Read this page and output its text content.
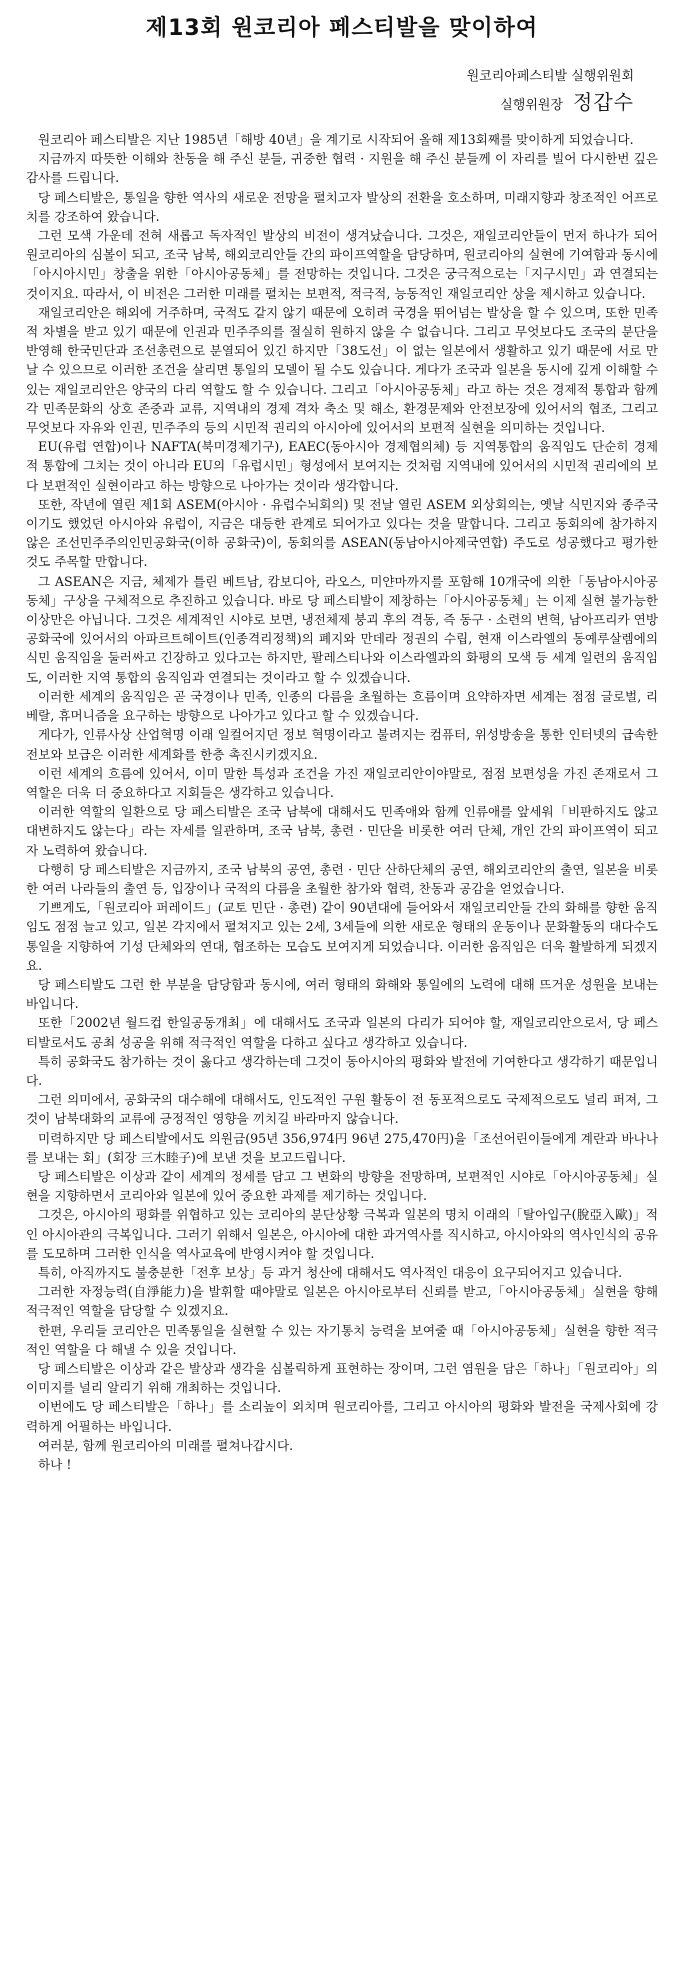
제13회 원코리아 페스티발을 맞이하여
원코리아페스티발 실행위원회
실행위원장 정갑수

원코리아 페스티발은 지난 1985년「해방 40년」을 계기로 시작되어 올해 제13회째를 맞이하게 되었습니다.

지금까지 따뜻한 이해와 찬동을 해 주신 분들, 귀중한 협력 · 지원을 해 주신 분들께 이 자리를 빌어 다시한번 깊은 감사를 드립니다.

당 페스티발은, 통일을 향한 역사의 새로운 전망을 펼치고자 발상의 전환을 호소하며, 미래지향과 창조적인 어프로치를 강조하여 왔습니다.

그런 모색 가운데 전혀 새롭고 독자적인 발상의 비전이 생겨났습니다. 그것은, 재일코리안들이 먼저 하나가 되어 원코리아의 심볼이 되고, 조국 남북, 해외코리안들 간의 파이프역할을 담당하며, 원코리아의 실현에 기여함과 동시에「아시아시민」창출을 위한「아시아공동체」를 전망하는 것입니다. 그것은 궁극적으로는「지구시민」과 연결되는 것이지요. 따라서, 이 비전은 그러한 미래를 펼치는 보편적, 적극적, 능동적인 재일코리안 상을 제시하고 있습니다.

재일코리안은 해외에 거주하며, 국적도 같지 않기 때문에 오히려 국경을 뛰어넘는 발상을 할 수 있으며, 또한 민족적 차별을 받고 있기 때문에 인권과 민주주의를 절실히 원하지 않을 수 없습니다. 그리고 무엇보다도 조국의 분단을 반영해 한국민단과 조선총련으로 분열되어 있긴 하지만「38도선」이 없는 일본에서 생활하고 있기 때문에 서로 만날 수 있으므로 이러한 조건을 살리면 통일의 모델이 될 수도 있습니다. 게다가 조국과 일본을 동시에 깊게 이해할 수 있는 재일코리안은 양국의 다리 역할도 할 수 있습니다. 그리고「아시아공동체」라고 하는 것은 경제적 통합과 함께 각 민족문화의 상호 존중과 교류, 지역내의 경제 격차 축소 및 해소, 환경문제와 안전보장에 있어서의 협조, 그리고 무엇보다 자유와 인권, 민주주의 등의 시민적 권리의 아시아에 있어서의 보편적 실현을 의미하는 것입니다.

EU(유럽 연합)이나 NAFTA(북미경제기구), EAEC(동아시아 경제협의체) 등 지역통합의 움직임도 단순히 경제적 통합에 그치는 것이 아니라 EU의「유럽시민」형성에서 보여지는 것처럼 지역내에 있어서의 시민적 권리에의 보다 보편적인 실현이라고 하는 방향으로 나아가는 것이라 생각합니다.

또한, 작년에 열린 제1회 ASEM(아시아 · 유럽수뇌회의) 및 전날 열린 ASEM 외상회의는, 옛날 식민지와 종주국이기도 했었던 아시아와 유럽이, 지금은 대등한 관계로 되어가고 있다는 것을 말합니다. 그리고 동회의에 참가하지 않은 조선민주주의인민공화국(이하 공화국)이, 동회의를 ASEAN(동남아시아제국연합) 주도로 성공했다고 평가한 것도 주목할 만합니다.

그 ASEAN은 지금, 체제가 틀린 베트남, 캄보디아, 라오스, 미얀마까지를 포함해 10개국에 의한「동남아시아공동체」구상을 구체적으로 추진하고 있습니다. 바로 당 페스티발이 제창하는「아시아공동체」는 이제 실현 불가능한 이상만은 아닙니다. 그것은 세계적인 시야로 보면, 냉전체제 붕괴 후의 격동, 즉 동구 · 소련의 변혁, 남아프리카 연방공화국에 있어서의 아파르트헤이트(인종격리정책)의 폐지와 만데라 정권의 수립, 현재 이스라엘의 동예루살렘에의 식민 움직임을 둘러싸고 긴장하고 있다고는 하지만, 팔레스티나와 이스라엘과의 화평의 모색 등 세계 일련의 움직임도, 이러한 지역 통합의 움직임과 연결되는 것이라고 할 수 있겠습니다.

이러한 세계의 움직임은 곧 국경이나 민족, 인종의 다름을 초월하는 흐름이며 요약하자면 세계는 점점 글로벌, 리베랄, 휴머니즘을 요구하는 방향으로 나아가고 있다고 할 수 있겠습니다.

게다가, 인류사상 산업혁명 이래 일컬어지던 정보 혁명이라고 불려지는 컴퓨터, 위성방송을 통한 인터넷의 급속한 전보와 보급은 이러한 세계화를 한층 촉진시키겠지요.

이런 세계의 흐름에 있어서, 이미 말한 특성과 조건을 가진 재일코리안이야말로, 점점 보편성을 가진 존재로서 그 역할은 더욱 더 중요하다고 지회들은 생각하고 있습니다.

이러한 역할의 일환으로 당 페스티발은 조국 남북에 대해서도 민족애와 함께 인류애를 앞세워「비판하지도 않고 대변하지도 않는다」라는 자세를 일관하며, 조국 남북, 총련 · 민단을 비롯한 여러 단체, 개인 간의 파이프역이 되고자 노력하여 왔습니다.

다행히 당 페스티발은 지금까지, 조국 남북의 공연, 총련 · 민단 산하단체의 공연, 해외코리안의 출연, 일본을 비롯한 여러 나라들의 출연 등, 입장이나 국적의 다름을 초월한 참가와 협력, 찬동과 공감을 얻었습니다.

기쁘게도,「원코리아 퍼레이드」(교토 민단 · 총련) 같이 90년대에 들어와서 재일코리안들 간의 화해를 향한 움직임도 점점 늘고 있고, 일본 각지에서 펼쳐지고 있는 2세, 3세들에 의한 새로운 형태의 운동이나 문화활동의 대다수도 통일을 지향하여 기성 단체와의 연대, 협조하는 모습도 보여지게 되었습니다. 이러한 움직임은 더욱 활발하게 되겠지요.

당 페스티발도 그런 한 부분을 담당함과 동시에, 여러 형태의 화해와 통일에의 노력에 대해 뜨거운 성원을 보내는 바입니다.

또한「2002년 월드컵 한일공동개최」에 대해서도 조국과 일본의 다리가 되어야 할, 재일코리안으로서, 당 페스티발로서도 공최 성공을 위해 적극적인 역할을 다하고 싶다고 생각하고 있습니다.

특히 공화국도 참가하는 것이 옳다고 생각하는데 그것이 동아시아의 평화와 발전에 기여한다고 생각하기 때문입니다.

그런 의미에서, 공화국의 대수해에 대해서도, 인도적인 구원 활동이 전 동포적으로도 국제적으로도 널리 퍼져, 그것이 남북대화의 교류에 긍정적인 영향을 끼치길 바라마지 않습니다.

미력하지만 당 페스티발에서도 의원금(95년 356,974円 96년 275,470円)을「조선어린이들에게 계란과 바나나를 보내는 회」(회장 三木睦子)에 보낸 것을 보고드립니다.

당 페스티발은 이상과 같이 세계의 정세를 담고 그 변화의 방향을 전망하며, 보편적인 시야로「아시아공동체」실현을 지향하면서 코리아와 일본에 있어 중요한 과제를 제기하는 것입니다.

그것은, 아시아의 평화를 위협하고 있는 코리아의 분단상황 극복과 일본의 명치 이래의「탈아입구(脫亞入歐)」적인 아시아관의 극복입니다. 그러기 위해서 일본은, 아시아에 대한 과거역사를 직시하고, 아시아와의 역사인식의 공유를 도모하며 그러한 인식을 역사교육에 반영시켜야 할 것입니다.

특히, 아직까지도 불충분한「전후 보상」등 과거 청산에 대해서도 역사적인 대응이 요구되어지고 있습니다.

그러한 자정능력(自淨能力)을 발휘할 때야말로 일본은 아시아로부터 신뢰를 받고,「아시아공동체」실현을 향해 적극적인 역할을 담당할 수 있겠지요.

한편, 우리들 코리안은 민족통일을 실현할 수 있는 자기통치 능력을 보여줄 때「아시아공동체」실현을 향한 적극적인 역할을 다 해낼 수 있을 것입니다.

당 페스티발은 이상과 같은 발상과 생각을 심볼릭하게 표현하는 장이며, 그런 염원을 담은「하나」「원코리아」의 이미지를 널리 알리기 위해 개최하는 것입니다.

이번에도 당 페스티발은「하나」를 소리높이 외치며 원코리아를, 그리고 아시아의 평화와 발전을 국제사회에 강력하게 어필하는 바입니다.

여러분, 함께 원코리아의 미래를 펼쳐나갑시다.

하나 !
